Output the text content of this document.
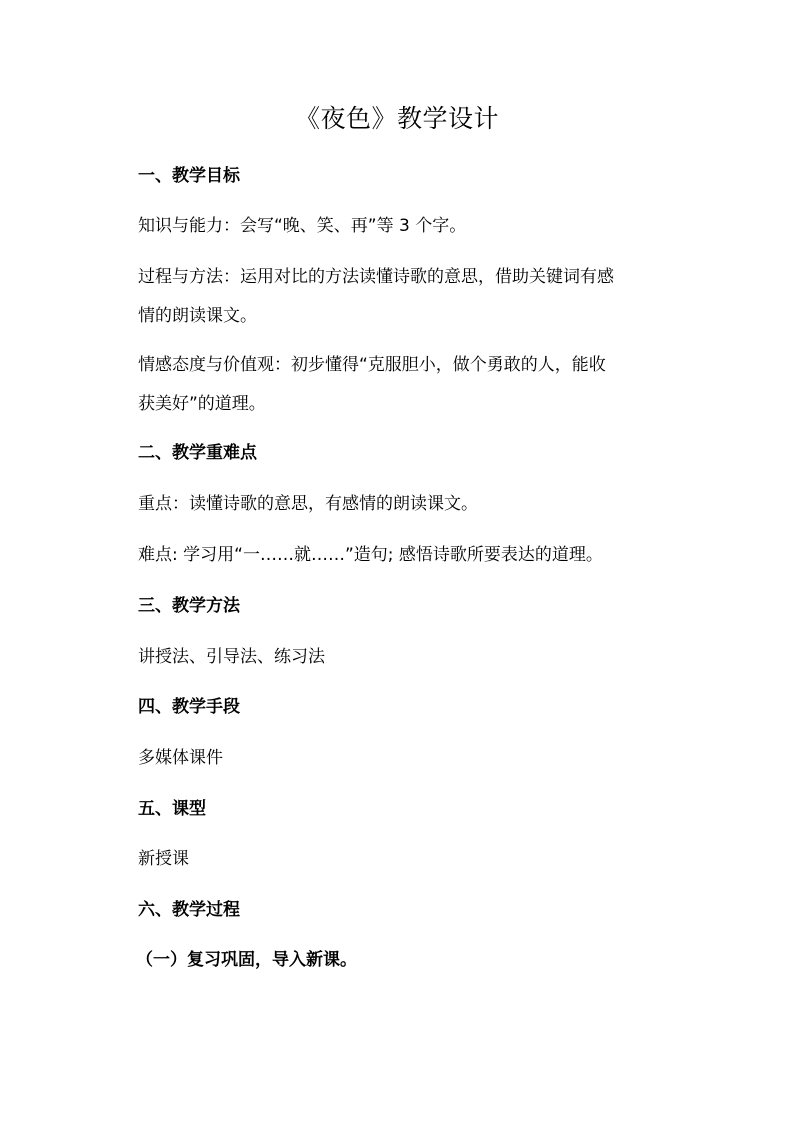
《夜色》教学设计
一、教学目标
知识与能力：会写“晚、笑、再”等 3 个字。
过程与方法：运用对比的方法读懂诗歌的意思，借助关键词有感
情的朗读课文。
情感态度与价值观：初步懂得“克服胆小，做个勇敢的人，能收
获美好”的道理。
二、教学重难点
重点：读懂诗歌的意思，有感情的朗读课文。
难点: 学习用“一……就……”造句; 感悟诗歌所要表达的道理。
三、教学方法
讲授法、引导法、练习法
四、教学手段
多媒体课件
五、课型
新授课
六、教学过程
（一）复习巩固，导入新课。
